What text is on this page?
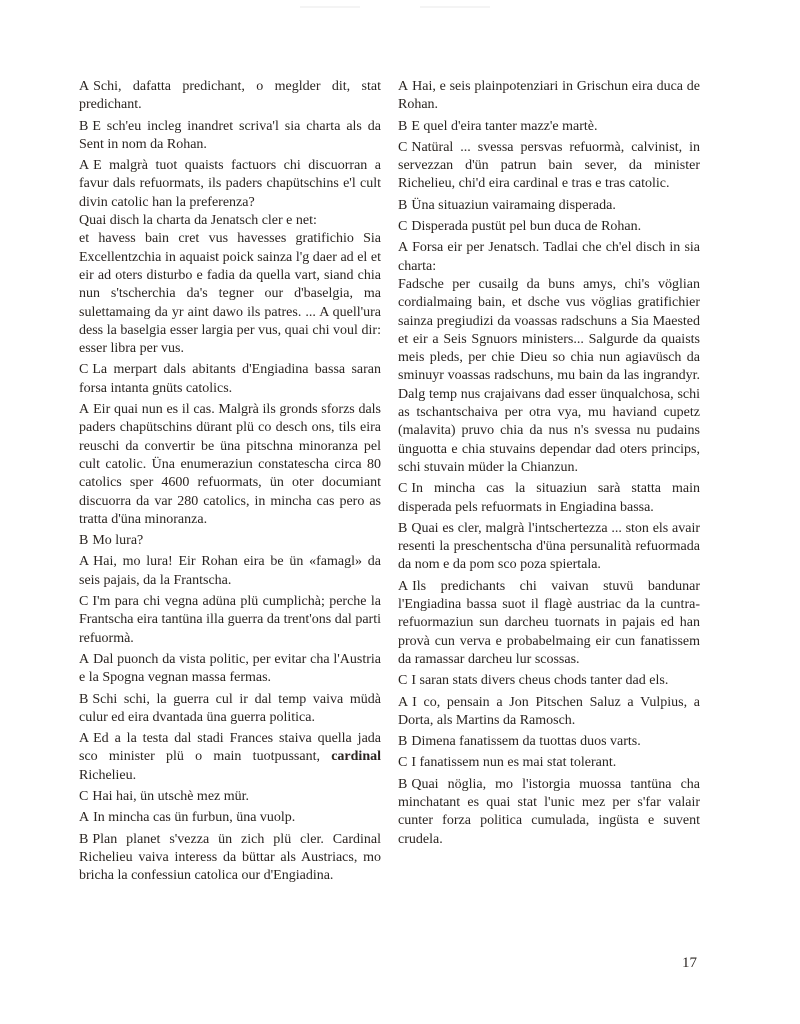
A Schi, dafatta predichant, o meglder dit, stat predichant.

B E sch'eu incleg inandret scriva'l sia charta als da Sent in nom da Rohan.

A E malgrà tuot quaists factuors chi discuorran a favur dals refuormats, ils paders chapütschins e'l cult divin catolic han la preferenza?

Quai disch la charta da Jenatsch cler e net:

et havess bain cret vus havesses gratifichio Sia Excellentzchia in aquaist poick sainza l'g daer ad el et eir ad oters disturbo e fadia da quella vart, siand chia nun s'tscherchia da's tegner our d'baselgia, ma sulettamaing da yr aint dawo ils patres. ... A quell'ura dess la baselgia esser largia per vus, quai chi voul dir: esser libra per vus.

C La merpart dals abitants d'Engiadina bassa saran forsa intanta gnüts catolics.

A Eir quai nun es il cas. Malgrà ils gronds sforzs dals paders chapütschins dürant plü co desch ons, tils eira reuschi da convertir be üna pitschna minoranza pel cult catolic. Üna enumeraziun constatescha circa 80 catolics sper 4600 refuormats, ün oter documiant discuorra da var 280 catolics, in mincha cas pero as tratta d'üna minoranza.

B Mo lura?

A Hai, mo lura! Eir Rohan eira be ün «famagl» da seis pajais, da la Frantscha.

C I'm para chi vegna adüna plü cumplichà; perche la Frantscha eira tantüna illa guerra da trent'ons dal parti refuormà.

A Dal puonch da vista politic, per evitar cha l'Austria e la Spogna vegnan massa fermas.

B Schi schi, la guerra cul ir dal temp vaiva müdà culur ed eira dvantada üna guerra politica.

A Ed a la testa dal stadi Frances staiva quella jada sco minister plü o main tuotpussant, cardinal Richelieu.

C Hai hai, ün utschè mez mür.

A In mincha cas ün furbun, üna vuolp.

B Plan planet s'vezza ün zich plü cler. Cardinal Richelieu vaiva interess da büttar als Austriacs, mo bricha la confessiun catolica our d'Engiadina.

A Hai, e seis plainpotenziari in Grischun eira duca de Rohan.

B E quel d'eira tanter mazz'e martè.

C Natüral ... svessa persvas refuormà, calvinist, in servezzan d'ün patrun bain sever, da minister Richelieu, chi'd eira cardinal e tras e tras catolic.

B Üna situaziun vairamaing disperada.

C Disperada pustüt pel bun duca de Rohan.

A Forsa eir per Jenatsch. Tadlai che ch'el disch in sia charta:

Fadsche per cusailg da buns amys, chi's vöglian cordialmaing bain, et dsche vus vöglias gratifichier sainza pregiudizi da voassas radschuns a Sia Maested et eir a Seis Sgnuors ministers... Salgurde da quaists meis pleds, per chie Dieu so chia nun agiavüsch da sminuyr voassas radschuns, mu bain da las ingrandyr. Dalg temp nus crajaivans dad esser ünqualchosa, schi as tschantschaiva per otra vya, mu haviand cupetz (malavita) pruvo chia da nus n's svessa nu pudains ünguotta e chia stuvains dependar dad oters princips, schi stuvain müder la Chianzun.

C In mincha cas la situaziun sarà statta main disperada pels refuormats in Engiadina bassa.

B Quai es cler, malgrà l'intschertezza ... ston els avair resenti la preschentscha d'üna persunalità refuormada da nom e da pom sco poza spiertala.

A Ils predichants chi vaivan stuvü bandunar l'Engiadina bassa suot il flagè austriac da la cuntra-refuormaziun sun darcheu tuornats in pajais ed han provà cun verva e probabelmaing eir cun fanatissem da ramassar darcheu lur scossas.

C I saran stats divers cheus chods tanter dad els.

A I co, pensain a Jon Pitschen Saluz a Vulpius, a Dorta, als Martins da Ramosch.

B Dimena fanatissem da tuottas duos varts.

C I fanatissem nun es mai stat tolerant.

B Quai nöglia, mo l'istorgia muossa tantüna cha minchatant es quai stat l'unic mez per s'far valair cunter forza politica cumulada, ingüsta e suvent crudela.

17
